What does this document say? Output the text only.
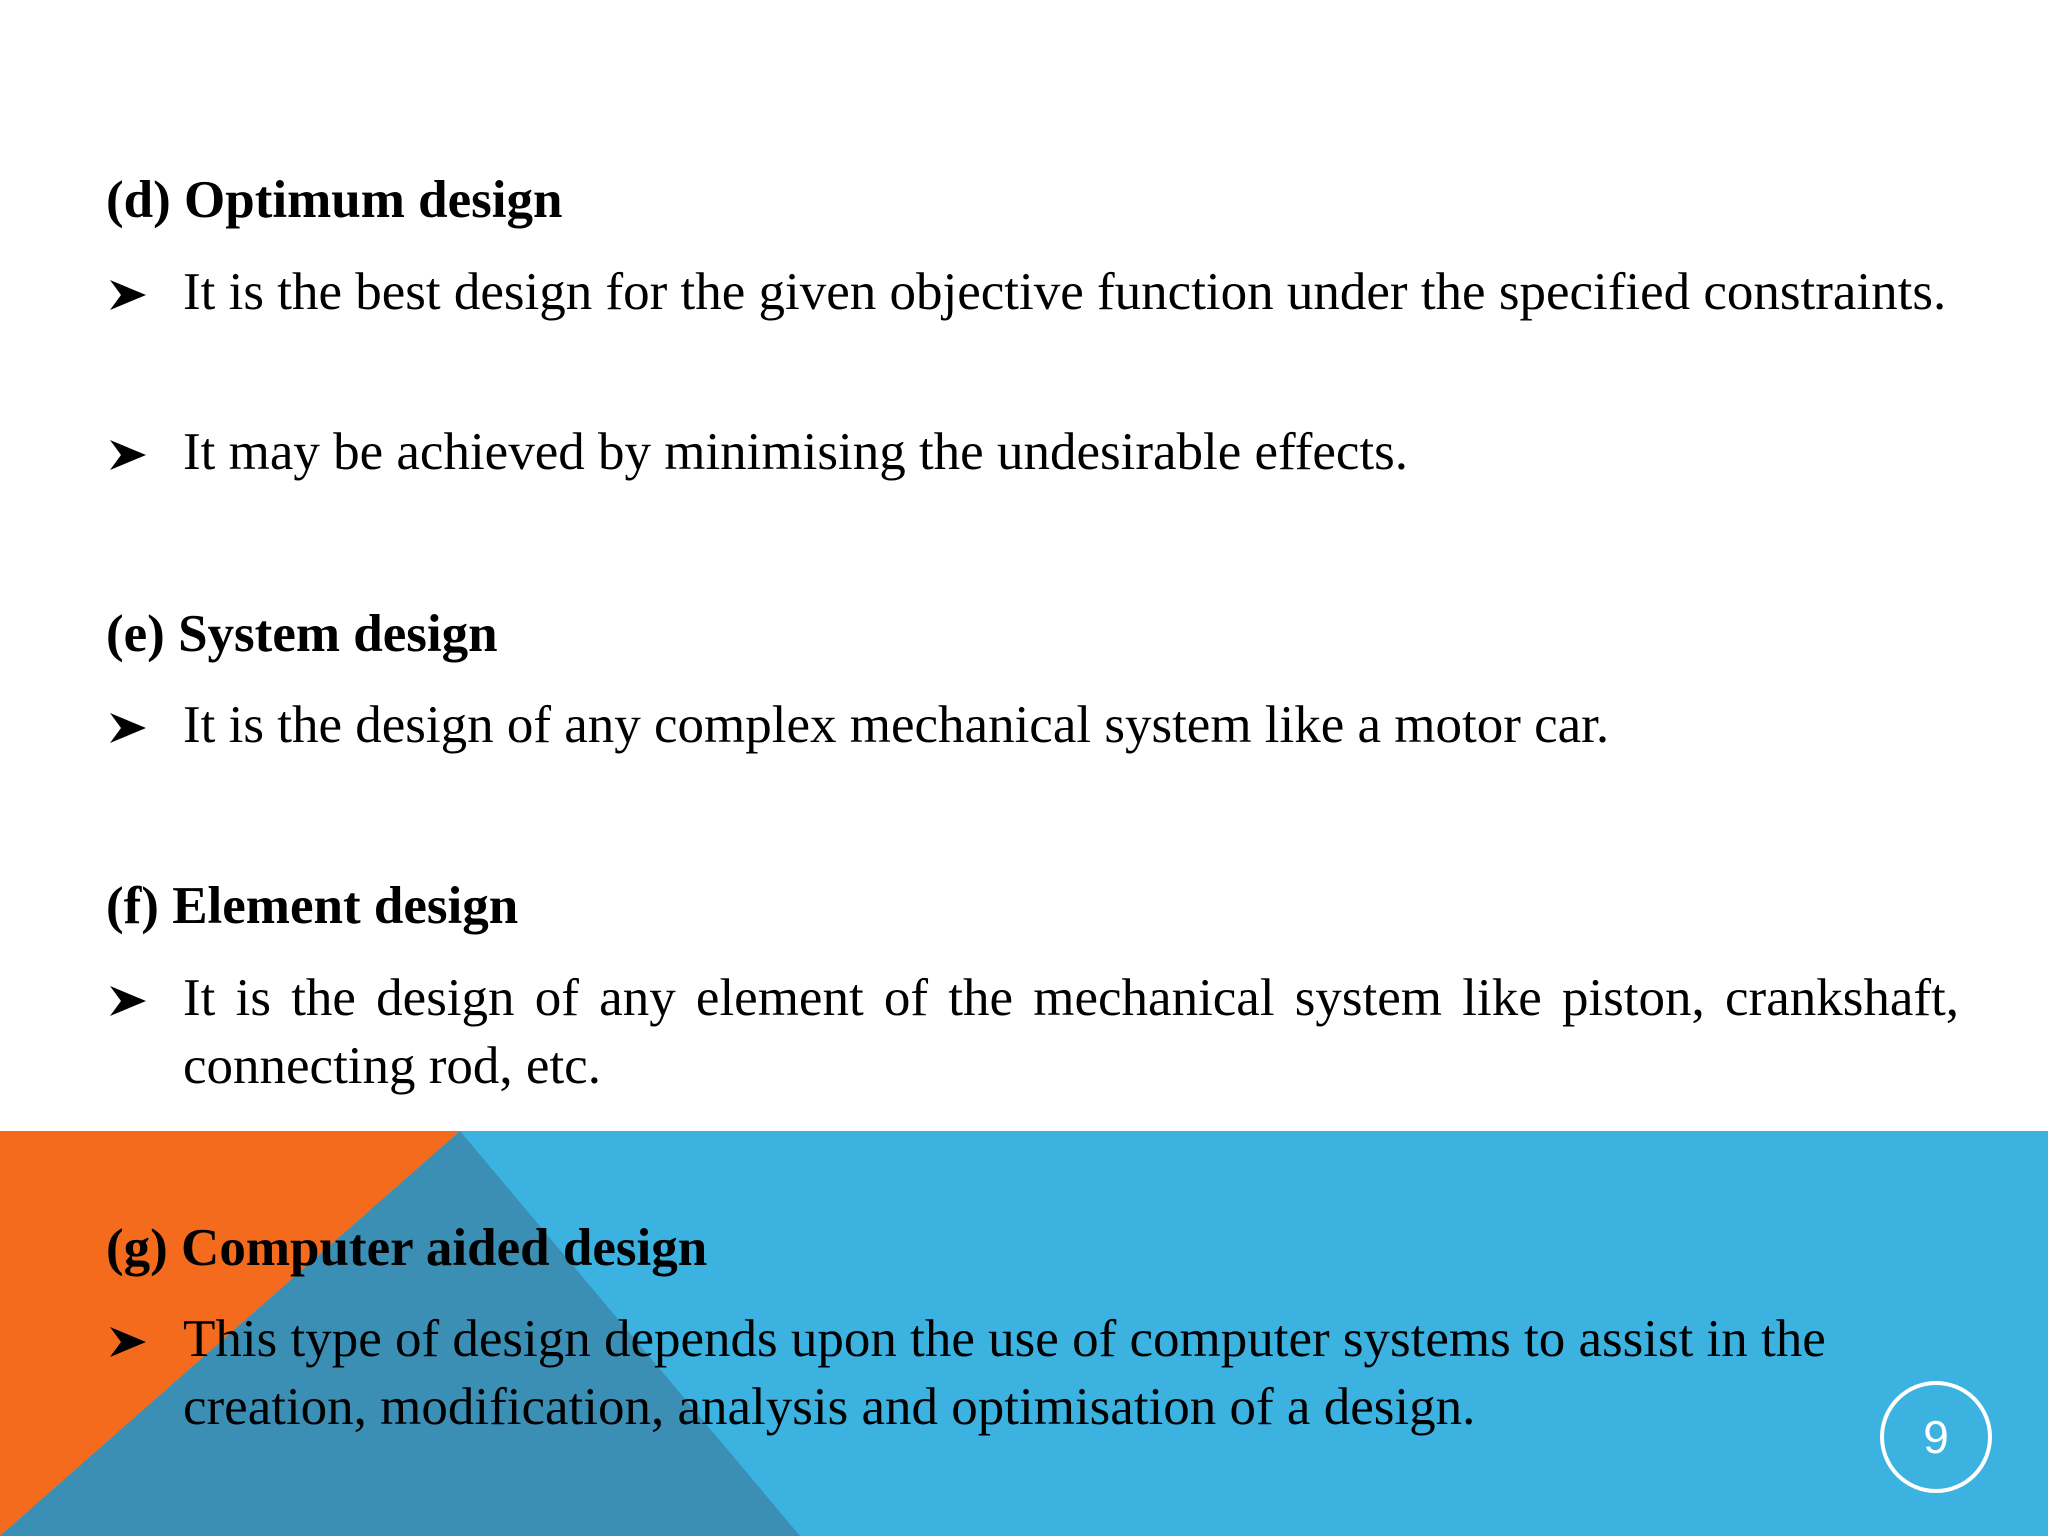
(d) Optimum design
It is the best design for the given objective function under the specified constraints.
It may be achieved by minimising the undesirable effects.
(e) System design
It is the design of any complex mechanical system like a motor car.
(f) Element design
It is the design of any element of the mechanical system like piston, crankshaft, connecting rod, etc.
(g) Computer aided design
This type of design depends upon the use of computer systems to assist in the creation, modification, analysis and optimisation of a design.
9
